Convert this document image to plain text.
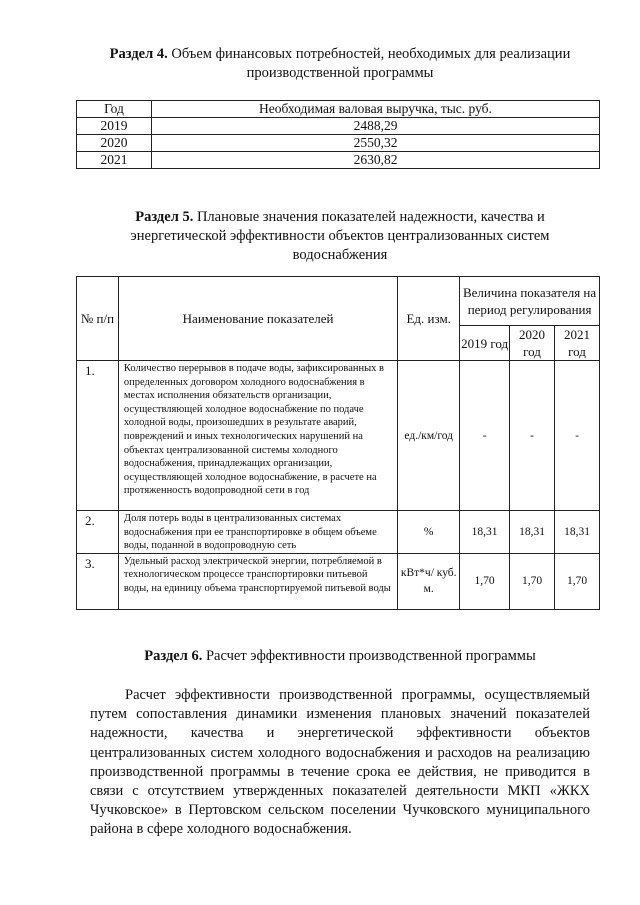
Раздел 4. Объем финансовых потребностей, необходимых для реализации
производственной программы
Год	Необходимая валовая выручка, тыс. руб.
2019	2488,29
2020	2550,32
2021	2630,82
Раздел 5. Плановые значения показателей надежности, качества и
энергетической эффективности объектов централизованных систем
водоснабжения
№ п/п	Наименование показателей	Ед. изм.	Величина показателя на период регулирования		
			2019 год	2020 год	2021 год
1.	Количество перерывов в подаче воды, зафиксированных в определенных договором холодного водоснабжения в местах исполнения обязательств организации, осуществляющей холодное водоснабжение по подаче холодной воды, произошедших в результате аварий, повреждений и иных технологических нарушений на объектах централизованной системы холодного водоснабжения, принадлежащих организации, осуществляющей холодное водоснабжение, в расчете на протяженность водопроводной сети в год	ед./км/год	-	-	-
2.	Доля потерь воды в централизованных системах водоснабжения при ее транспортировке в общем объеме воды, поданной в водопроводную сеть	%	18,31	18,31	18,31
3.	Удельный расход электрической энергии, потребляемой в технологическом процессе транспортировки питьевой воды, на единицу объема транспортируемой питьевой воды	кВт*ч/ куб. м.	1,70	1,70	1,70
Раздел 6. Расчет эффективности производственной программы
Расчет эффективности производственной программы, осуществляемый путем сопоставления динамики изменения плановых значений показателей надежности, качества и энергетической эффективности объектов централизованных систем холодного водоснабжения и расходов на реализацию производственной программы в течение срока ее действия, не приводится в связи с отсутствием утвержденных показателей деятельности МКП «ЖКХ Чучковское» в Пертовском сельском поселении Чучковского муниципального района в сфере холодного водоснабжения.
